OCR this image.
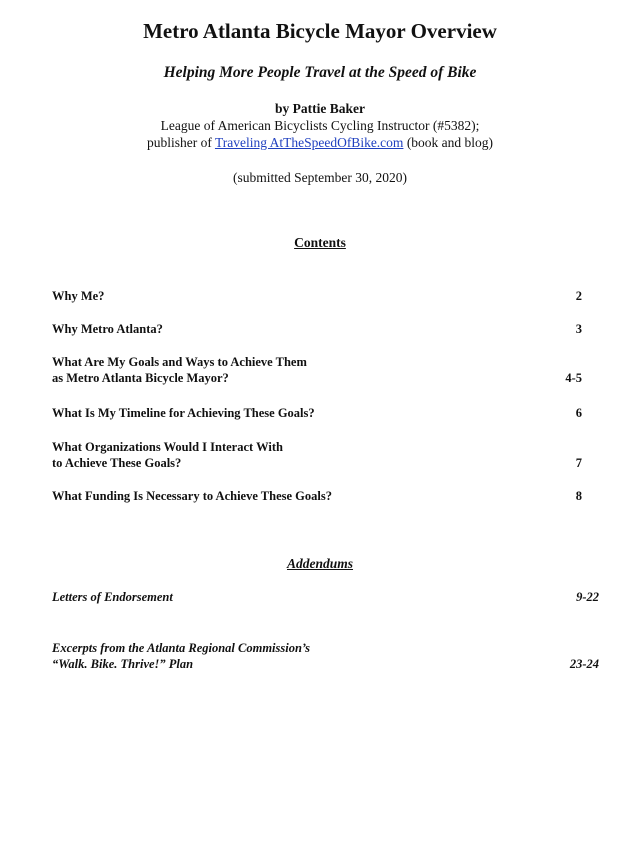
Metro Atlanta Bicycle Mayor Overview
Helping More People Travel at the Speed of Bike
by Pattie Baker
League of American Bicyclists Cycling Instructor (#5382);
publisher of Traveling AtTheSpeedOfBike.com (book and blog)
(submitted September 30, 2020)
Contents
Why Me?	2
Why Metro Atlanta?	3
What Are My Goals and Ways to Achieve Them
as Metro Atlanta Bicycle Mayor?	4-5
What Is My Timeline for Achieving These Goals?	6
What Organizations Would I Interact With
to Achieve These Goals?	7
What Funding Is Necessary to Achieve These Goals?	8
Addendums
Letters of Endorsement	9-22
Excerpts from the Atlanta Regional Commission’s
“Walk. Bike. Thrive!” Plan	23-24
